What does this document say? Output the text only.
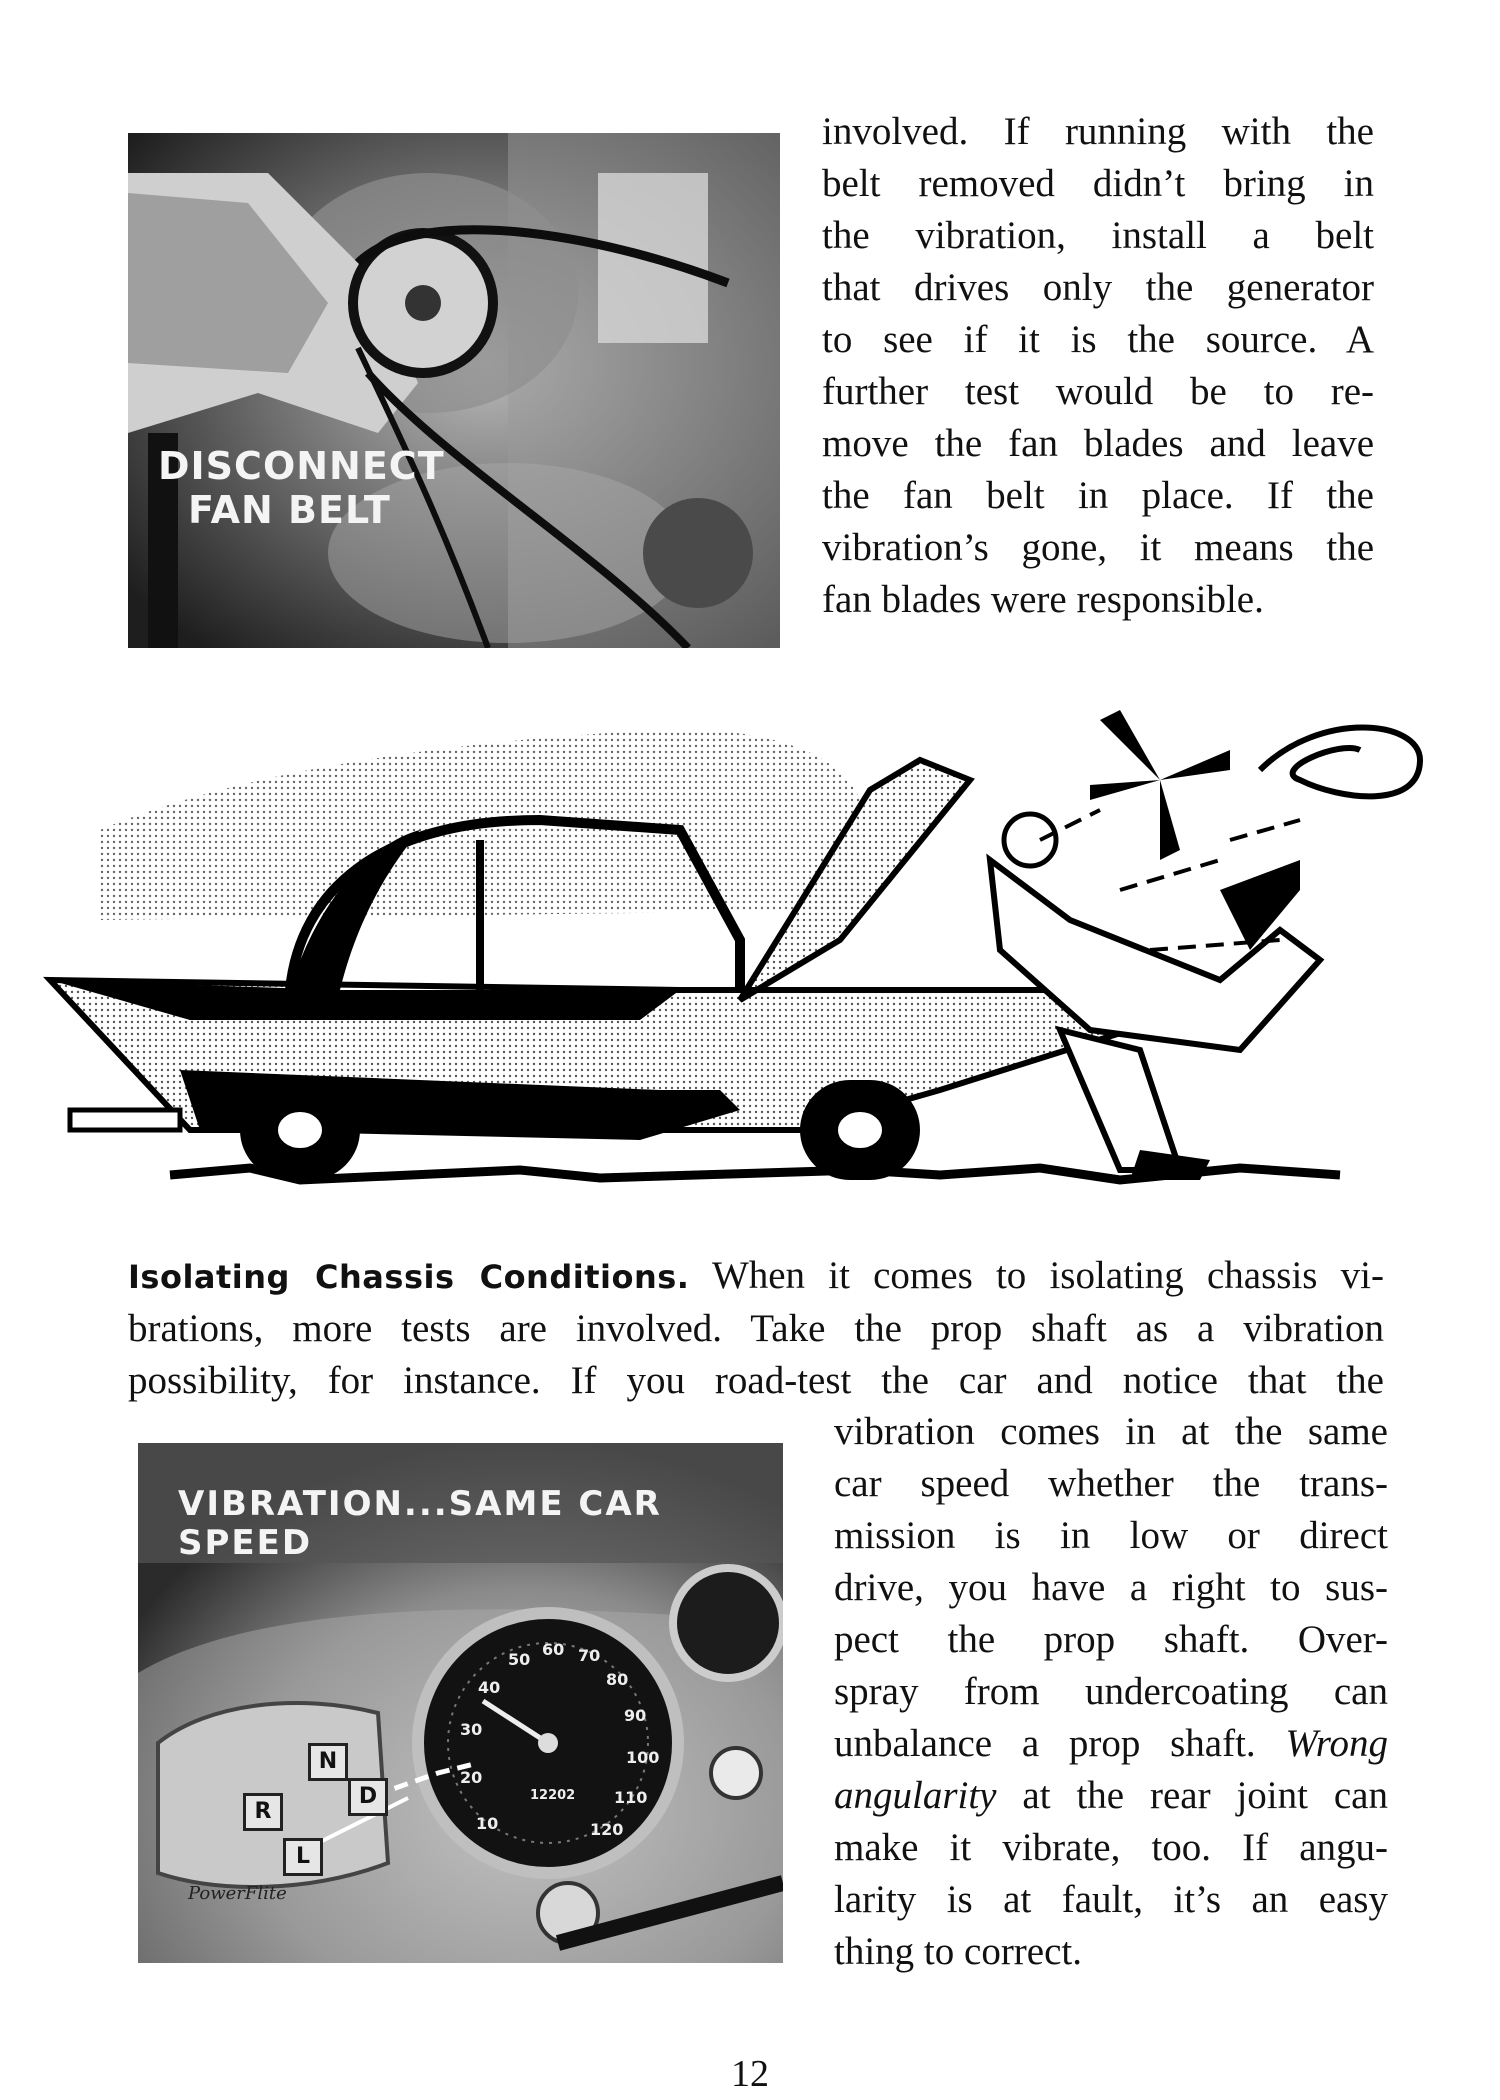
DISCONNECT
FAN BELT
involved. If running with the
belt removed didn’t bring in
the vibration, install a belt
that drives only the generator
to see if it is the source. A
further test would be to re-
move the fan blades and leave
the fan belt in place. If the
vibration’s gone, it means the
fan blades were responsible.
Isolating Chassis Conditions. When it comes to isolating chassis vi-
brations, more tests are involved. Take the prop shaft as a vibration
possibility, for instance. If you road-test the car and notice that the
VIBRATION...SAME CAR SPEED
N
R
D
L
PowerFlite
10
20
30
40
50
60 70
80
90
100
110
120
12202
vibration comes in at the same
car speed whether the trans-
mission is in low or direct
drive, you have a right to sus-
pect the prop shaft. Over-
spray from undercoating can
unbalance a prop shaft. Wrong
angularity at the rear joint can
make it vibrate, too. If angu-
larity is at fault, it’s an easy
thing to correct.
12
